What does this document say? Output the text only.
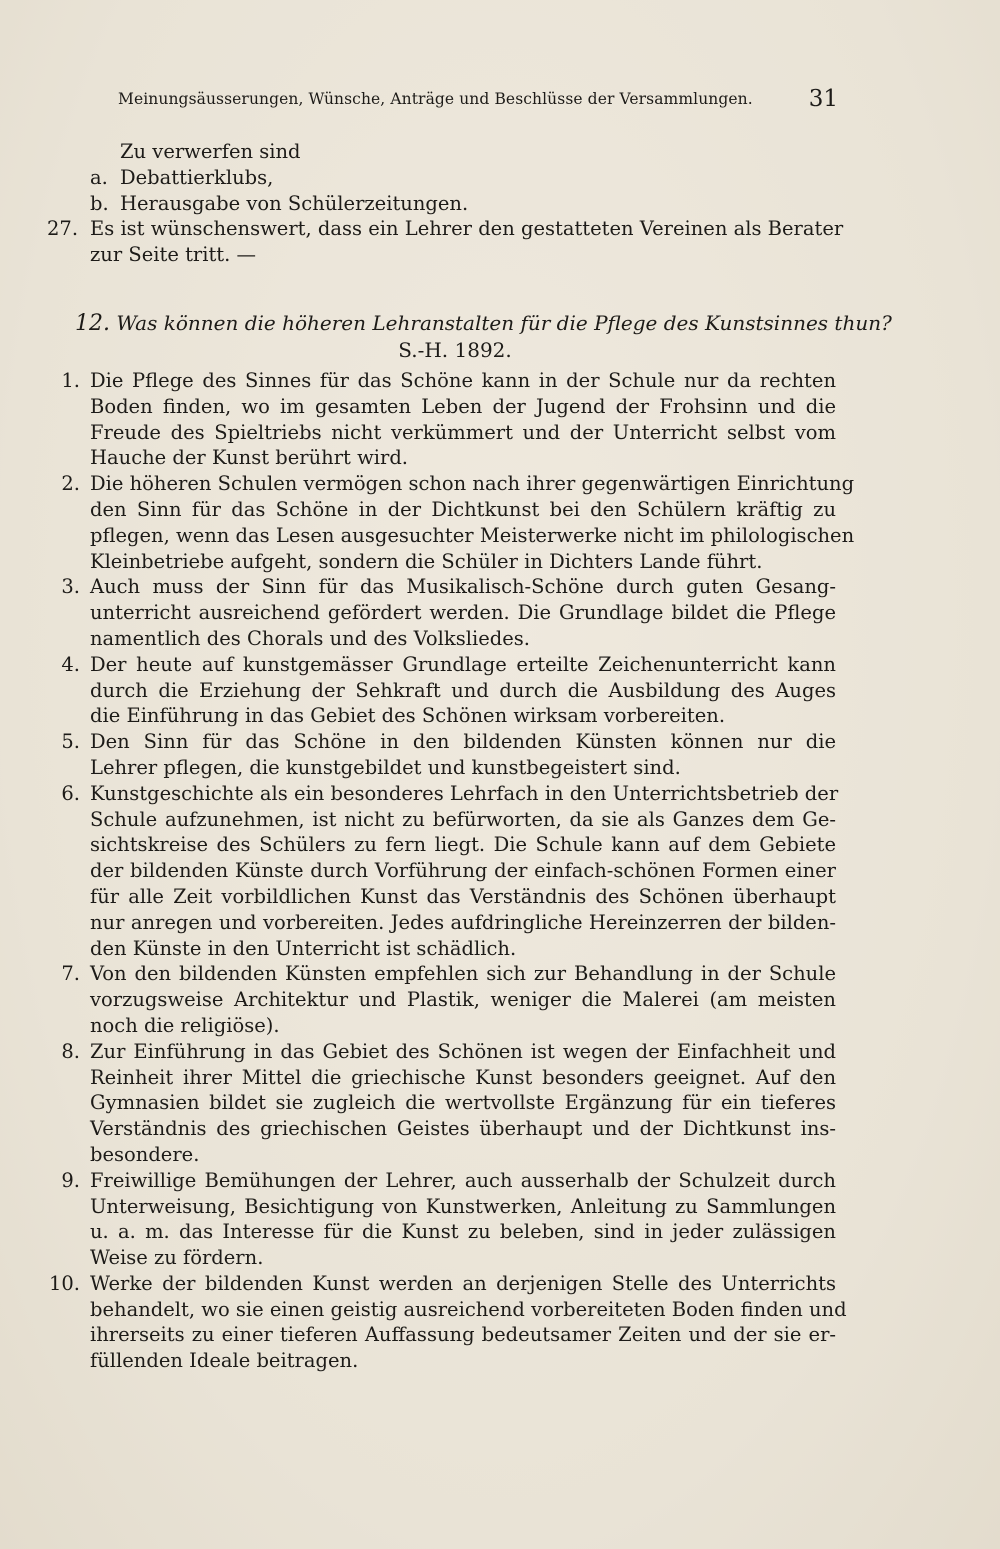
Meinungsäusserungen, Wünsche, Anträge und Beschlüsse der Versammlungen. 31
Zu verwerfen sind
a. Debattierklubs,
b. Herausgabe von Schülerzeitungen.
27. Es ist wünschenswert, dass ein Lehrer den gestatteten Vereinen als Berater
zur Seite tritt. —
12. Was können die höheren Lehranstalten für die Pflege des Kunstsinnes thun?
S.-H. 1892.
1. Die Pflege des Sinnes für das Schöne kann in der Schule nur da rechten
Boden finden, wo im gesamten Leben der Jugend der Frohsinn und die
Freude des Spieltriebs nicht verkümmert und der Unterricht selbst vom
Hauche der Kunst berührt wird.
2. Die höheren Schulen vermögen schon nach ihrer gegenwärtigen Einrichtung
den Sinn für das Schöne in der Dichtkunst bei den Schülern kräftig zu
pflegen, wenn das Lesen ausgesuchter Meisterwerke nicht im philologischen
Kleinbetriebe aufgeht, sondern die Schüler in Dichters Lande führt.
3. Auch muss der Sinn für das Musikalisch-Schöne durch guten Gesang-
unterricht ausreichend gefördert werden. Die Grundlage bildet die Pflege
namentlich des Chorals und des Volksliedes.
4. Der heute auf kunstgemässer Grundlage erteilte Zeichenunterricht kann
durch die Erziehung der Sehkraft und durch die Ausbildung des Auges
die Einführung in das Gebiet des Schönen wirksam vorbereiten.
5. Den Sinn für das Schöne in den bildenden Künsten können nur die
Lehrer pflegen, die kunstgebildet und kunstbegeistert sind.
6. Kunstgeschichte als ein besonderes Lehrfach in den Unterrichtsbetrieb der
Schule aufzunehmen, ist nicht zu befürworten, da sie als Ganzes dem Ge-
sichtskreise des Schülers zu fern liegt. Die Schule kann auf dem Gebiete
der bildenden Künste durch Vorführung der einfach-schönen Formen einer
für alle Zeit vorbildlichen Kunst das Verständnis des Schönen überhaupt
nur anregen und vorbereiten. Jedes aufdringliche Hereinzerren der bilden-
den Künste in den Unterricht ist schädlich.
7. Von den bildenden Künsten empfehlen sich zur Behandlung in der Schule
vorzugsweise Architektur und Plastik, weniger die Malerei (am meisten
noch die religiöse).
8. Zur Einführung in das Gebiet des Schönen ist wegen der Einfachheit und
Reinheit ihrer Mittel die griechische Kunst besonders geeignet. Auf den
Gymnasien bildet sie zugleich die wertvollste Ergänzung für ein tieferes
Verständnis des griechischen Geistes überhaupt und der Dichtkunst ins-
besondere.
9. Freiwillige Bemühungen der Lehrer, auch ausserhalb der Schulzeit durch
Unterweisung, Besichtigung von Kunstwerken, Anleitung zu Sammlungen
u. a. m. das Interesse für die Kunst zu beleben, sind in jeder zulässigen
Weise zu fördern.
10. Werke der bildenden Kunst werden an derjenigen Stelle des Unterrichts
behandelt, wo sie einen geistig ausreichend vorbereiteten Boden finden und
ihrerseits zu einer tieferen Auffassung bedeutsamer Zeiten und der sie er-
füllenden Ideale beitragen.
